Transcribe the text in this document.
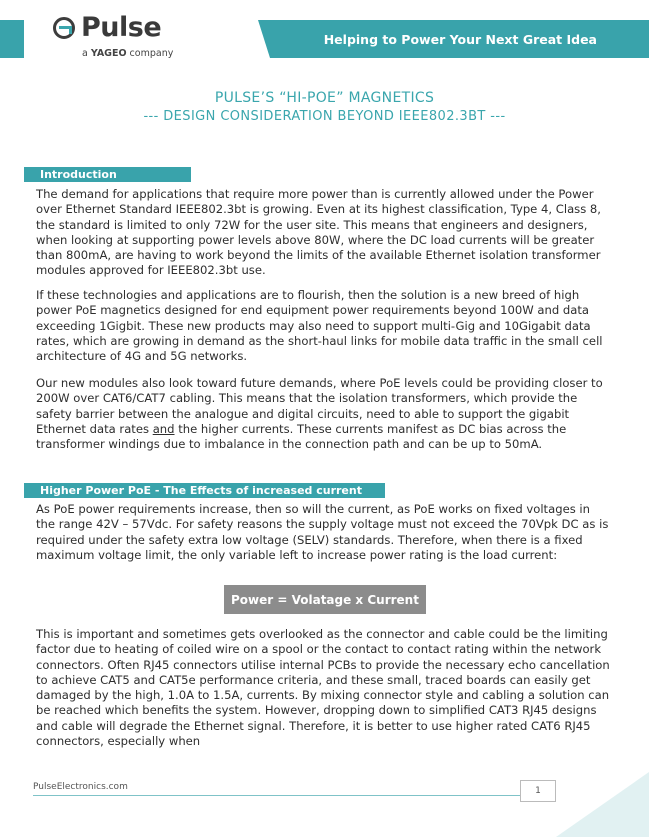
Pulse
a YAGEO company
Helping to Power Your Next Great Idea
PULSE’S “HI-POE” MAGNETICS
--- DESIGN CONSIDERATION BEYOND IEEE802.3BT ---
Introduction

The demand for applications that require more power than is currently allowed under the Power over Ethernet Standard IEEE802.3bt is growing. Even at its highest classification, Type 4, Class 8, the standard is limited to only 72W for the user site. This means that engineers and designers, when looking at supporting power levels above 80W, where the DC load currents will be greater than 800mA, are having to work beyond the limits of the available Ethernet isolation transformer modules approved for IEEE802.3bt use.

If these technologies and applications are to flourish, then the solution is a new breed of high power PoE magnetics designed for end equipment power requirements beyond 100W and data exceeding 1Gigbit. These new products may also need to support multi-Gig and 10Gigabit data rates, which are growing in demand as the short-haul links for mobile data traffic in the small cell architecture of 4G and 5G networks.

Our new modules also look toward future demands, where PoE levels could be providing closer to 200W over CAT6/CAT7 cabling. This means that the isolation transformers, which provide the safety barrier between the analogue and digital circuits, need to able to support the gigabit Ethernet data rates and the higher currents. These currents manifest as DC bias across the transformer windings due to imbalance in the connection path and can be up to 50mA.

Higher Power PoE - The Effects of increased current

As PoE power requirements increase, then so will the current, as PoE works on fixed voltages in the range 42V – 57Vdc. For safety reasons the supply voltage must not exceed the 70Vpk DC as is required under the safety extra low voltage (SELV) standards. Therefore, when there is a fixed maximum voltage limit, the only variable left to increase power rating is the load current:

Power = Volatage x Current

This is important and sometimes gets overlooked as the connector and cable could be the limiting factor due to heating of coiled wire on a spool or the contact to contact rating within the network connectors. Often RJ45 connectors utilise internal PCBs to provide the necessary echo cancellation to achieve CAT5 and CAT5e performance criteria, and these small, traced boards can easily get damaged by the high, 1.0A to 1.5A, currents. By mixing connector style and cabling a solution can be reached which benefits the system. However, dropping down to simplified CAT3 RJ45 designs and cable will degrade the Ethernet signal. Therefore, it is better to use higher rated CAT6 RJ45 connectors, especially when

PulseElectronics.com	1
